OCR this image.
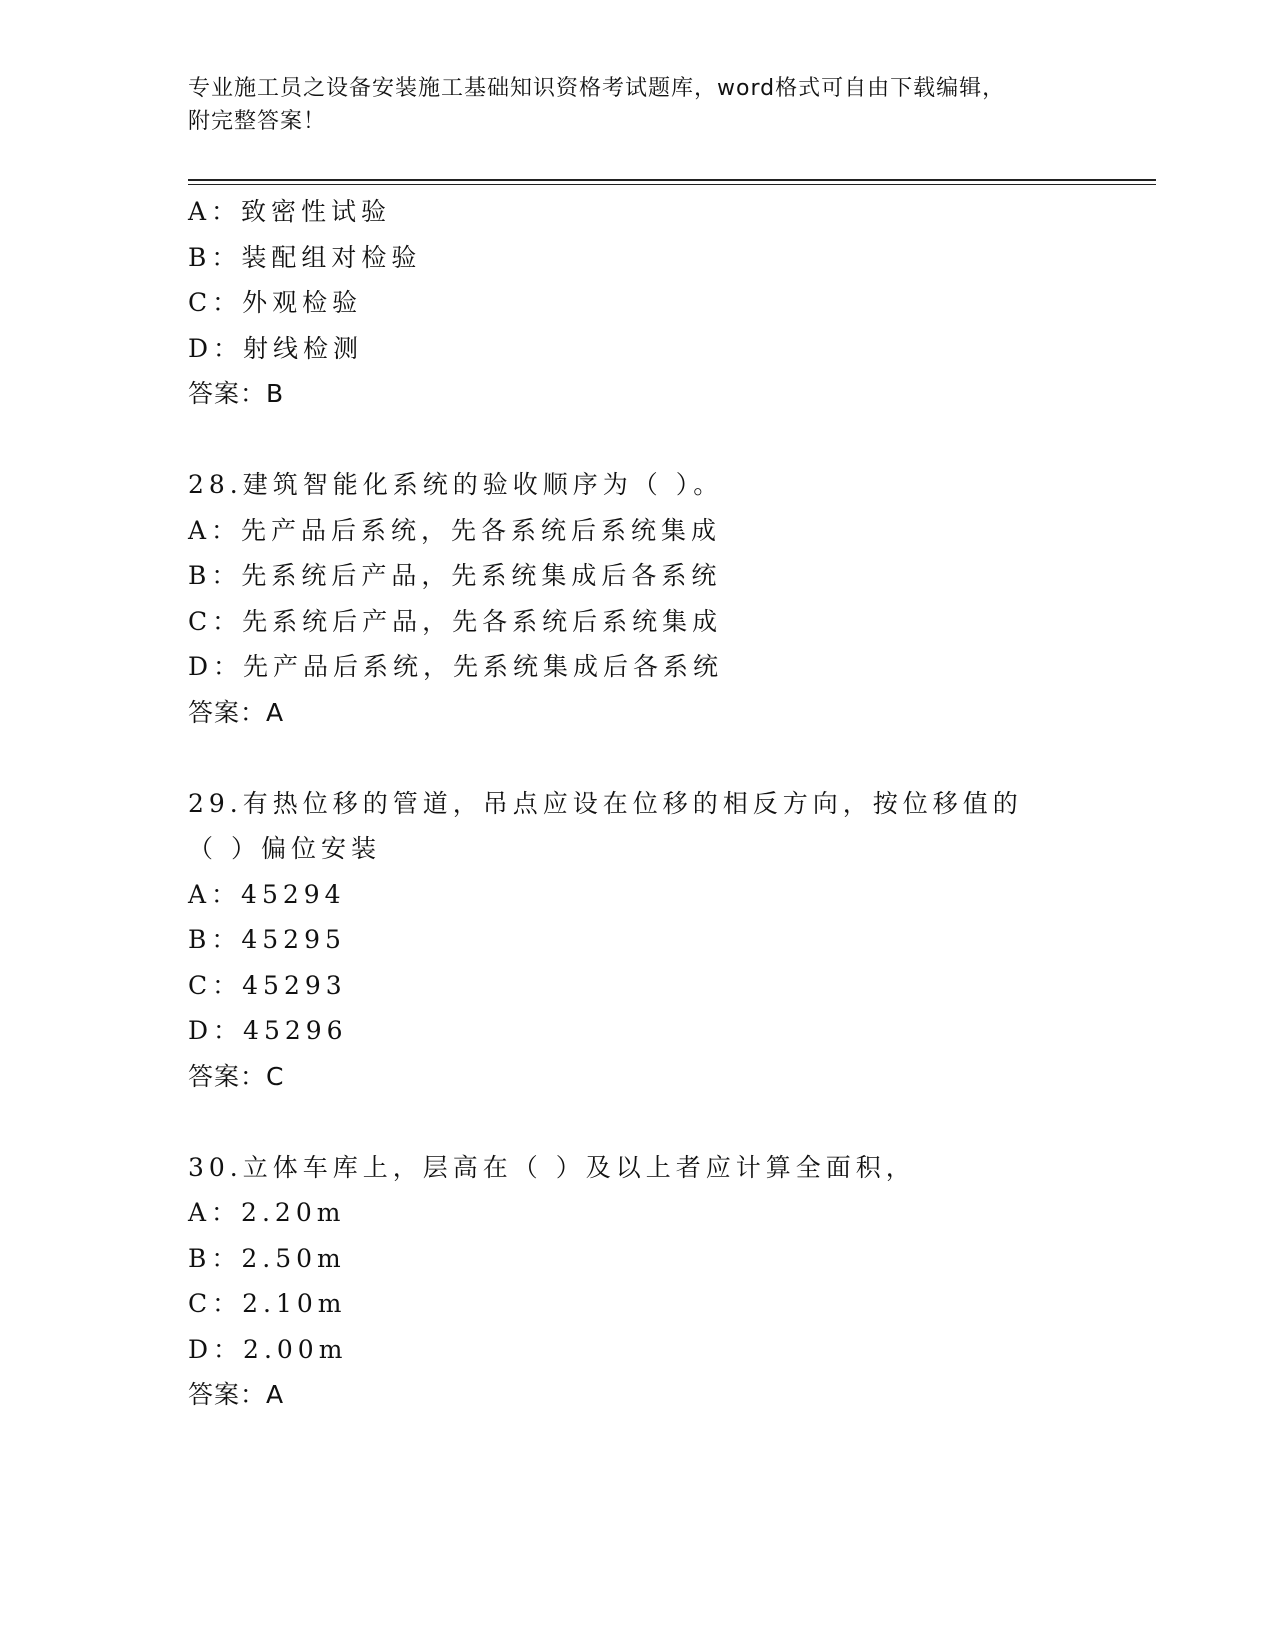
专业施工员之设备安装施工基础知识资格考试题库，word格式可自由下载编辑，
附完整答案！
A：致密性试验
B：装配组对检验
C：外观检验
D：射线检测
答案：B
28.建筑智能化系统的验收顺序为（ ）。
A：先产品后系统，先各系统后系统集成
B：先系统后产品，先系统集成后各系统
C：先系统后产品，先各系统后系统集成
D：先产品后系统，先系统集成后各系统
答案：A
29.有热位移的管道，吊点应设在位移的相反方向，按位移值的（ ）偏位安装
A：45294
B：45295
C：45293
D：45296
答案：C
30.立体车库上，层高在（ ）及以上者应计算全面积，
A：2.20m
B：2.50m
C：2.10m
D：2.00m
答案：A
